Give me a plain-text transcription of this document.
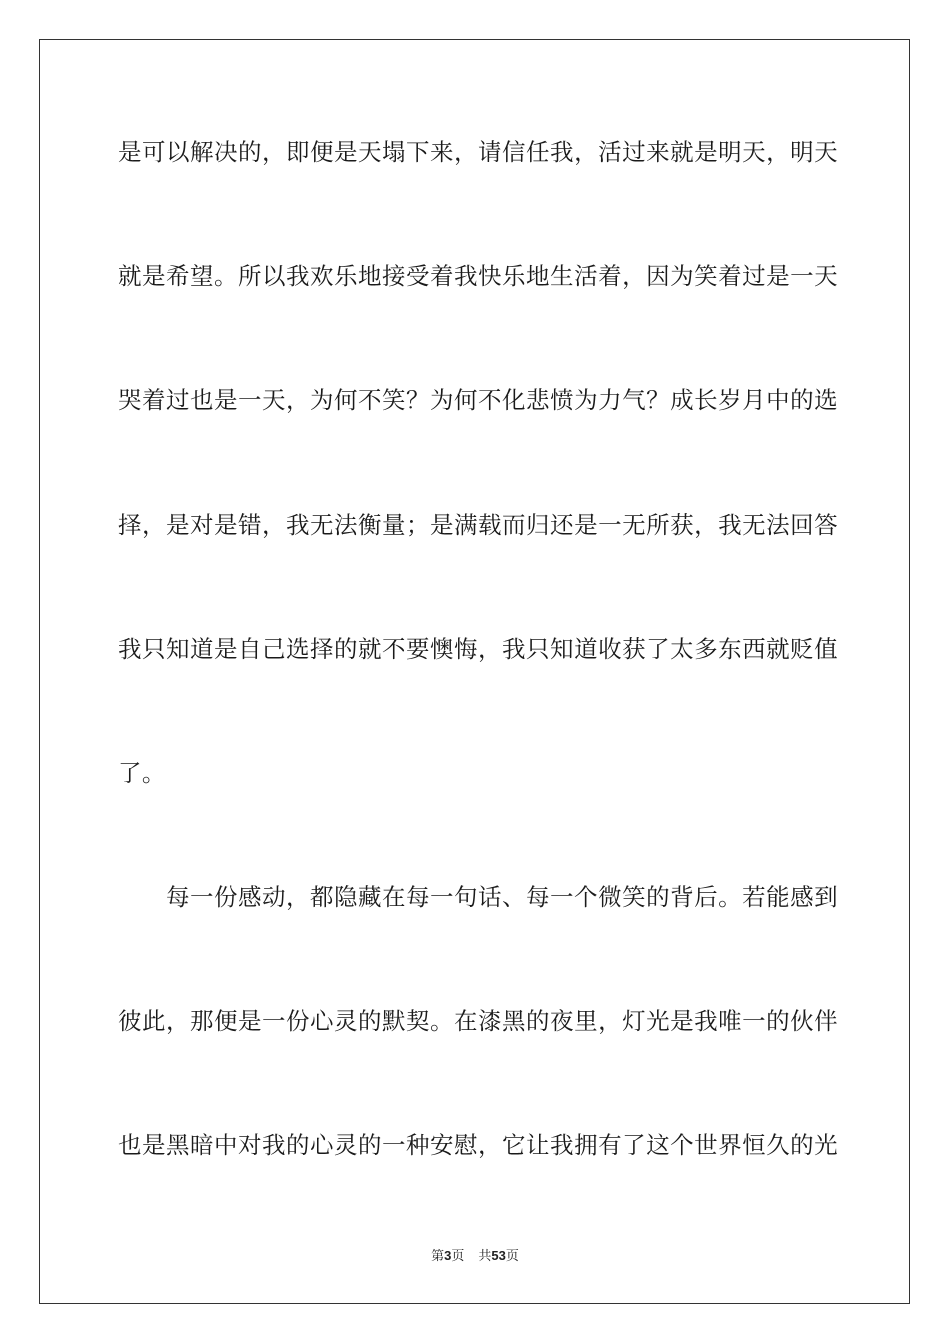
是可以解决的，即便是天塌下来，请信任我，活过来就是明天，明天
就是希望。所以我欢乐地接受着我快乐地生活着，因为笑着过是一天
哭着过也是一天，为何不笑？为何不化悲愤为力气？成长岁月中的选
择，是对是错，我无法衡量；是满载而归还是一无所获，我无法回答
我只知道是自己选择的就不要懊悔，我只知道收获了太多东西就贬值
了。
每一份感动，都隐藏在每一句话、每一个微笑的背后。若能感到
彼此，那便是一份心灵的默契。在漆黑的夜里，灯光是我唯一的伙伴
也是黑暗中对我的心灵的一种安慰，它让我拥有了这个世界恒久的光
第3页 共53页
